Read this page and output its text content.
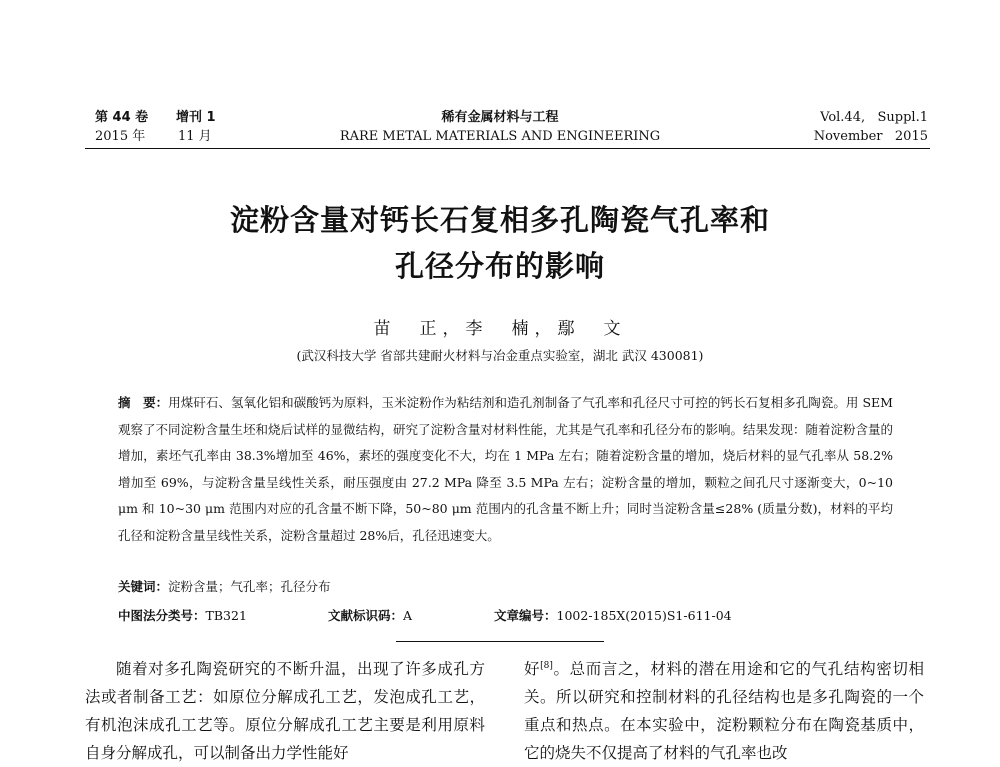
第 44 卷 增刊 1
2015 年	11 月
稀有金属材料与工程
RARE METAL MATERIALS AND ENGINEERING
Vol.44,   Suppl.1
November   2015
淀粉含量对钙长石复相多孔陶瓷气孔率和
孔径分布的影响
苗　正，李　楠，鄢　文
(武汉科技大学 省部共建耐火材料与冶金重点实验室，湖北 武汉 430081)

摘　要：用煤矸石、氢氧化铝和碳酸钙为原料，玉米淀粉作为粘结剂和造孔剂制备了气孔率和孔径尺寸可控的钙长石复相多孔陶瓷。用 SEM 观察了不同淀粉含量生坯和烧后试样的显微结构，研究了淀粉含量对材料性能，尤其是气孔率和孔径分布的影响。结果发现：随着淀粉含量的增加，素坯气孔率由 38.3%增加至 46%，素坯的强度变化不大，均在 1 MPa 左右；随着淀粉含量的增加，烧后材料的显气孔率从 58.2%增加至 69%，与淀粉含量呈线性关系，耐压强度由 27.2 MPa 降至 3.5 MPa 左右；淀粉含量的增加，颗粒之间孔尺寸逐渐变大，0~10 μm 和 10~30 μm 范围内对应的孔含量不断下降，50~80 μm 范围内的孔含量不断上升；同时当淀粉含量≤28% (质量分数)，材料的平均孔径和淀粉含量呈线性关系，淀粉含量超过 28%后，孔径迅速变大。

关键词：淀粉含量；气孔率；孔径分布
中图法分类号：TB321	文献标识码：A	文章编号：1002-185X(2015)S1-611-04

随着对多孔陶瓷研究的不断升温，出现了许多成孔方法或者制备工艺：如原位分解成孔工艺，发泡成孔工艺，有机泡沫成孔工艺等。原位分解成孔工艺主要是利用原料自身分解成孔，可以制备出力学性能好

好[8]。总而言之，材料的潜在用途和它的气孔结构密切相关。所以研究和控制材料的孔径结构也是多孔陶瓷的一个重点和热点。在本实验中，淀粉颗粒分布在陶瓷基质中，它的烧失不仅提高了材料的气孔率也改
